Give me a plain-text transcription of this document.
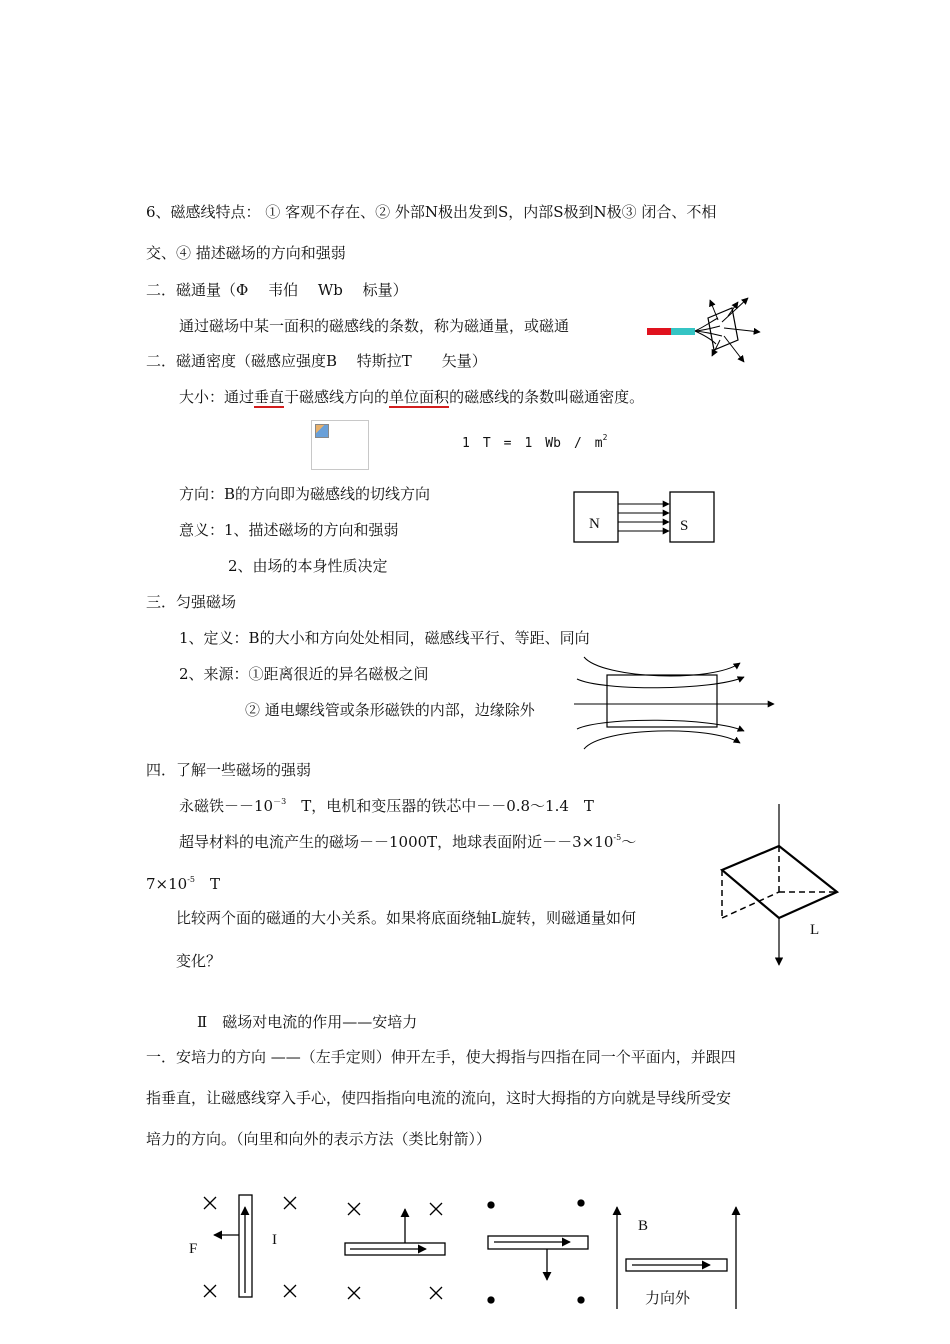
6、磁感线特点： ① 客观不存在、② 外部N极出发到S，内部S极到N极③ 闭合、不相
交、④ 描述磁场的方向和强弱
二．磁通量（Φ　 韦伯　 Wb　 标量）
通过磁场中某一面积的磁感线的条数，称为磁通量，或磁通
二．磁通密度（磁感应强度B　 特斯拉T　　矢量）
大小：通过垂直于磁感线方向的单位面积的磁感线的条数叫磁通密度。
1　T　=　1　Wb　/　$m^2$
方向：B的方向即为磁感线的切线方向
意义：1、描述磁场的方向和强弱
2、由场的本身性质决定
N	S
三．匀强磁场
1、定义：B的大小和方向处处相同，磁感线平行、等距、同向
2、来源：①距离很近的异名磁极之间
② 通电螺线管或条形磁铁的内部，边缘除外
四．了解一些磁场的强弱
永磁铁$--10^{-3}$　T，电机和变压器的铁芯中－－0.8～1.4　T
超导材料的电流产生的磁场－－1000T，地球表面附近$--3\times 10^{-5}\sim$
$7\times 10^{-5}$　T
比较两个面的磁通的大小关系。如果将底面绕轴L旋转，则磁通量如何
变化？
L
Ⅱ　磁场对电流的作用——安培力
一．安培力的方向 ——（左手定则）伸开左手，使大拇指与四指在同一个平面内，并跟四
指垂直，让磁感线穿入手心，使四指指向电流的流向，这时大拇指的方向就是导线所受安
培力的方向。（向里和向外的表示方法（类比射箭））
F
I
B
力向外
